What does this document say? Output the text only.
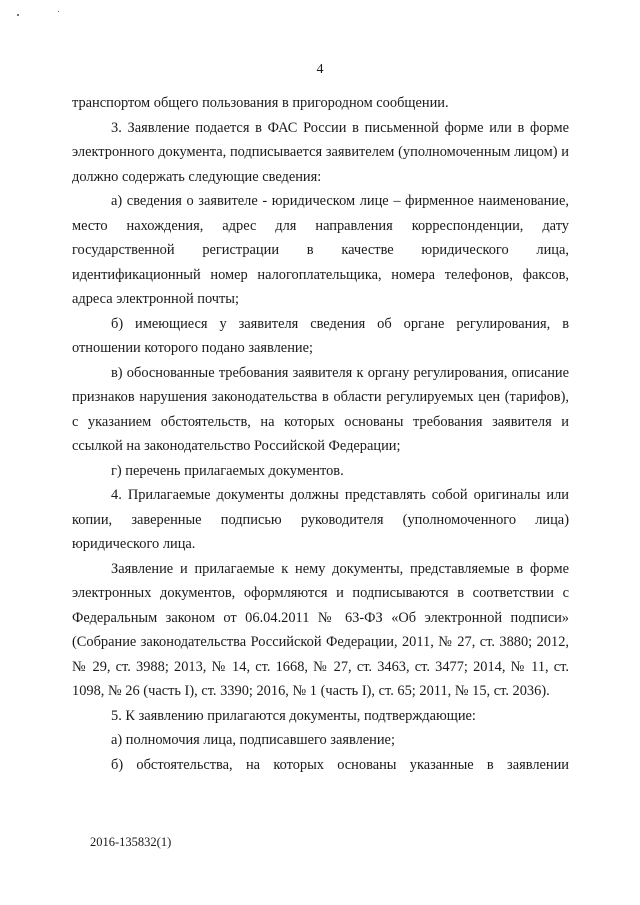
4

транспортом общего пользования в пригородном сообщении.

3. Заявление подается в ФАС России в письменной форме или в форме электронного документа, подписывается заявителем (уполномоченным лицом) и должно содержать следующие сведения:

а) сведения о заявителе - юридическом лице – фирменное наименование, место нахождения, адрес для направления корреспонденции, дату государственной регистрации в качестве юридического лица, идентификационный номер налогоплательщика, номера телефонов, факсов, адреса электронной почты;

б) имеющиеся у заявителя сведения об органе регулирования, в отношении которого подано заявление;

в) обоснованные требования заявителя к органу регулирования, описание признаков нарушения законодательства в области регулируемых цен (тарифов), с указанием обстоятельств, на которых основаны требования заявителя и ссылкой на законодательство Российской Федерации;

г) перечень прилагаемых документов.

4. Прилагаемые документы должны представлять собой оригиналы или копии, заверенные подписью руководителя (уполномоченного лица) юридического лица.

Заявление и прилагаемые к нему документы, представляемые в форме электронных документов, оформляются и подписываются в соответствии с Федеральным законом от 06.04.2011 № 63-ФЗ «Об электронной подписи» (Собрание законодательства Российской Федерации, 2011, № 27, ст. 3880; 2012, № 29, ст. 3988; 2013, № 14, ст. 1668, № 27, ст. 3463, ст. 3477; 2014, № 11, ст. 1098, № 26 (часть I), ст. 3390; 2016, № 1 (часть I), ст. 65; 2011, № 15, ст. 2036).

5. К заявлению прилагаются документы, подтверждающие:

а) полномочия лица, подписавшего заявление;

б) обстоятельства, на которых основаны указанные в заявлении

2016-135832(1)
